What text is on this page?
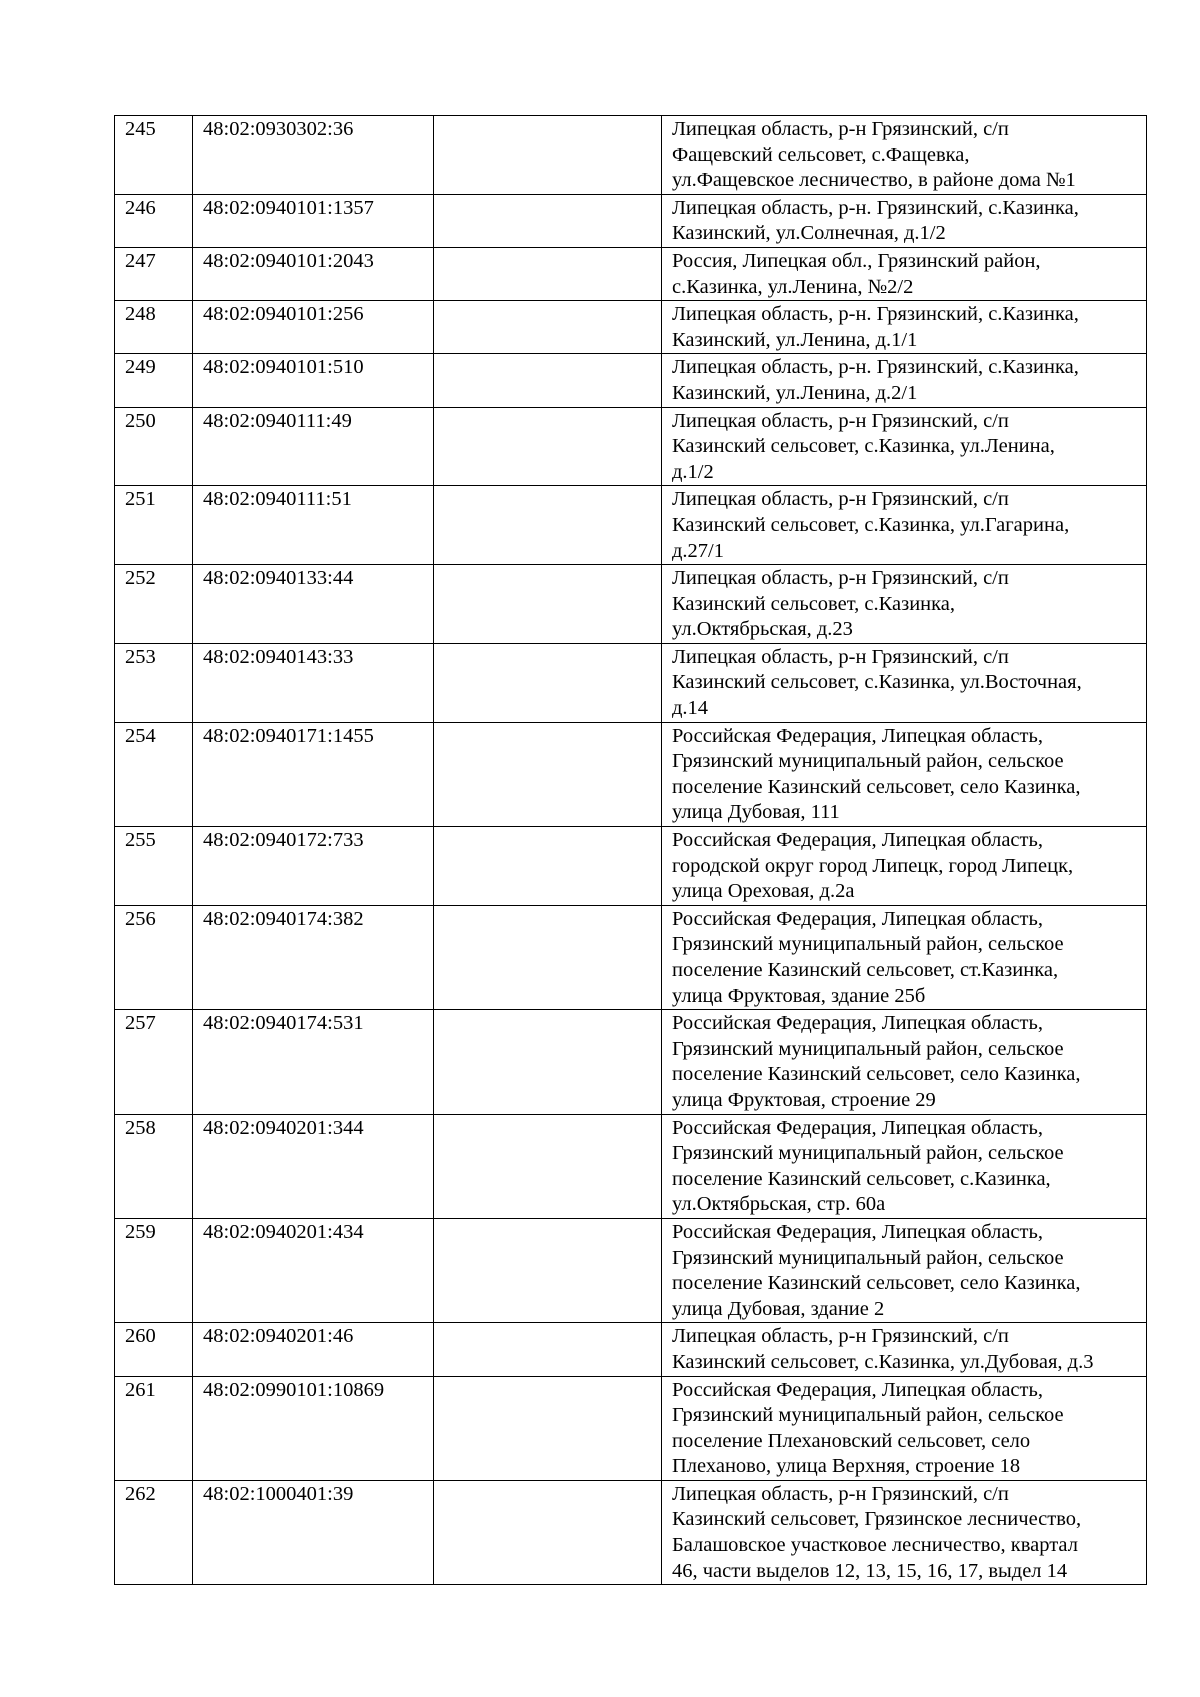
245	48:02:0930302:36		Липецкая область, р-н Грязинский, с/п
Фащевский сельсовет, с.Фащевка,
ул.Фащевское лесничество, в районе дома №1

246	48:02:0940101:1357		Липецкая область, р-н. Грязинский, с.Казинка,
Казинский, ул.Солнечная, д.1/2

247	48:02:0940101:2043		Россия, Липецкая обл., Грязинский район,
с.Казинка, ул.Ленина, №2/2

248	48:02:0940101:256		Липецкая область, р-н. Грязинский, с.Казинка,
Казинский, ул.Ленина, д.1/1

249	48:02:0940101:510		Липецкая область, р-н. Грязинский, с.Казинка,
Казинский, ул.Ленина, д.2/1

250	48:02:0940111:49		Липецкая область, р-н Грязинский, с/п
Казинский сельсовет, с.Казинка, ул.Ленина,
д.1/2

251	48:02:0940111:51		Липецкая область, р-н Грязинский, с/п
Казинский сельсовет, с.Казинка, ул.Гагарина,
д.27/1

252	48:02:0940133:44		Липецкая область, р-н Грязинский, с/п
Казинский сельсовет, с.Казинка,
ул.Октябрьская, д.23

253	48:02:0940143:33		Липецкая область, р-н Грязинский, с/п
Казинский сельсовет, с.Казинка, ул.Восточная,
д.14

254	48:02:0940171:1455		Российская Федерация, Липецкая область,
Грязинский муниципальный район, сельское
поселение Казинский сельсовет, село Казинка,
улица Дубовая, 111

255	48:02:0940172:733		Российская Федерация, Липецкая область,
городской округ город Липецк, город Липецк,
улица Ореховая, д.2а

256	48:02:0940174:382		Российская Федерация, Липецкая область,
Грязинский муниципальный район, сельское
поселение Казинский сельсовет, ст.Казинка,
улица Фруктовая, здание 25б

257	48:02:0940174:531		Российская Федерация, Липецкая область,
Грязинский муниципальный район, сельское
поселение Казинский сельсовет, село Казинка,
улица Фруктовая, строение 29

258	48:02:0940201:344		Российская Федерация, Липецкая область,
Грязинский муниципальный район, сельское
поселение Казинский сельсовет, с.Казинка,
ул.Октябрьская, стр. 60а

259	48:02:0940201:434		Российская Федерация, Липецкая область,
Грязинский муниципальный район, сельское
поселение Казинский сельсовет, село Казинка,
улица Дубовая, здание 2

260	48:02:0940201:46		Липецкая область, р-н Грязинский, с/п
Казинский сельсовет, с.Казинка, ул.Дубовая, д.3

261	48:02:0990101:10869		Российская Федерация, Липецкая область,
Грязинский муниципальный район, сельское
поселение Плехановский сельсовет, село
Плеханово, улица Верхняя, строение 18

262	48:02:1000401:39		Липецкая область, р-н Грязинский, с/п
Казинский сельсовет, Грязинское лесничество,
Балашовское участковое лесничество, квартал
46, части выделов 12, 13, 15, 16, 17, выдел 14
